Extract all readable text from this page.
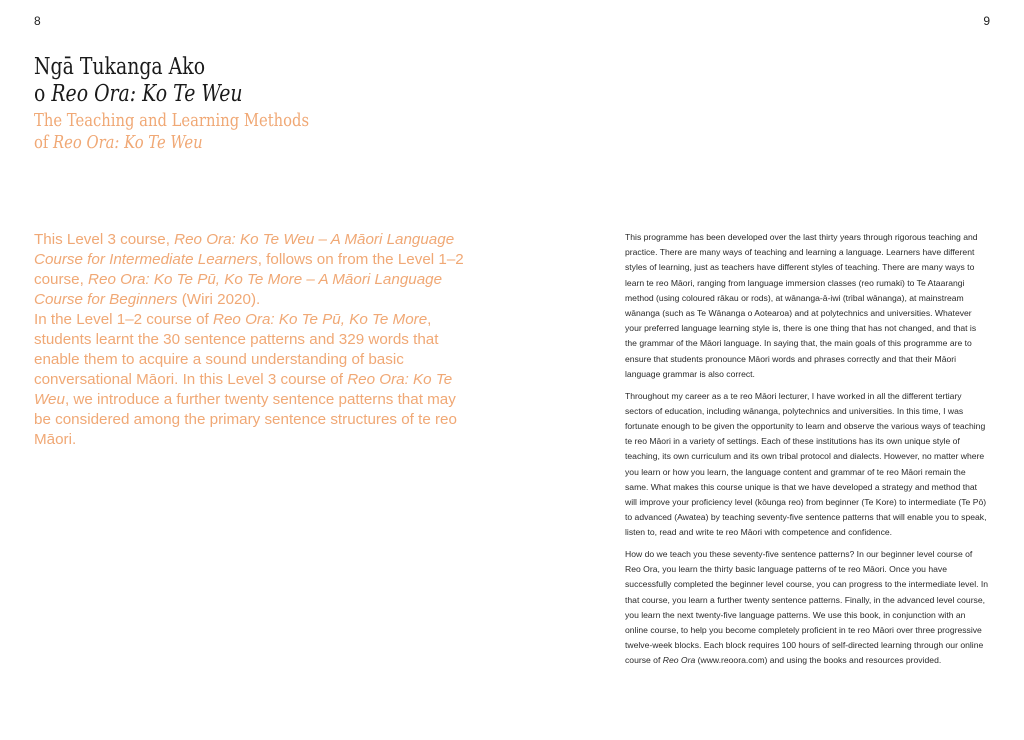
8	9
Ngā Tukanga Ako
o Reo Ora: Ko Te Weu
The Teaching and Learning Methods
of Reo Ora: Ko Te Weu

This Level 3 course, Reo Ora: Ko Te Weu – A Māori Language Course for Intermediate Learners, follows on from the Level 1–2 course, Reo Ora: Ko Te Pū, Ko Te More – A Māori Language Course for Beginners (Wiri 2020).
In the Level 1–2 course of Reo Ora: Ko Te Pū, Ko Te More, students learnt the 30 sentence patterns and 329 words that enable them to acquire a sound understanding of basic conversational Māori. In this Level 3 course of Reo Ora: Ko Te Weu, we introduce a further twenty sentence patterns that may be considered among the primary sentence structures of te reo Māori.

This programme has been developed over the last thirty years through rigorous teaching and practice. There are many ways of teaching and learning a language. Learners have different styles of learning, just as teachers have different styles of teaching. There are many ways to learn te reo Māori, ranging from language immersion classes (reo rumaki) to Te Ataarangi method (using coloured rākau or rods), at wānanga-ā-iwi (tribal wānanga), at mainstream wānanga (such as Te Wānanga o Aotearoa) and at polytechnics and universities. Whatever your preferred language learning style is, there is one thing that has not changed, and that is the grammar of the Māori language. In saying that, the main goals of this programme are to ensure that students pronounce Māori words and phrases correctly and that their Māori language grammar is also correct.

Throughout my career as a te reo Māori lecturer, I have worked in all the different tertiary sectors of education, including wānanga, polytechnics and universities. In this time, I was fortunate enough to be given the opportunity to learn and observe the various ways of teaching te reo Māori in a variety of settings. Each of these institutions has its own unique style of teaching, its own curriculum and its own tribal protocol and dialects. However, no matter where you learn or how you learn, the language content and grammar of te reo Māori remain the same. What makes this course unique is that we have developed a strategy and method that will improve your proficiency level (kōunga reo) from beginner (Te Kore) to intermediate (Te Pō) to advanced (Awatea) by teaching seventy-five sentence patterns that will enable you to speak, listen to, read and write te reo Māori with competence and confidence.

How do we teach you these seventy-five sentence patterns? In our beginner level course of Reo Ora, you learn the thirty basic language patterns of te reo Māori. Once you have successfully completed the beginner level course, you can progress to the intermediate level. In that course, you learn a further twenty sentence patterns. Finally, in the advanced level course, you learn the next twenty-five language patterns. We use this book, in conjunction with an online course, to help you become completely proficient in te reo Māori over three progressive twelve-week blocks. Each block requires 100 hours of self-directed learning through our online course of Reo Ora (www.reoora.com) and using the books and resources provided.
